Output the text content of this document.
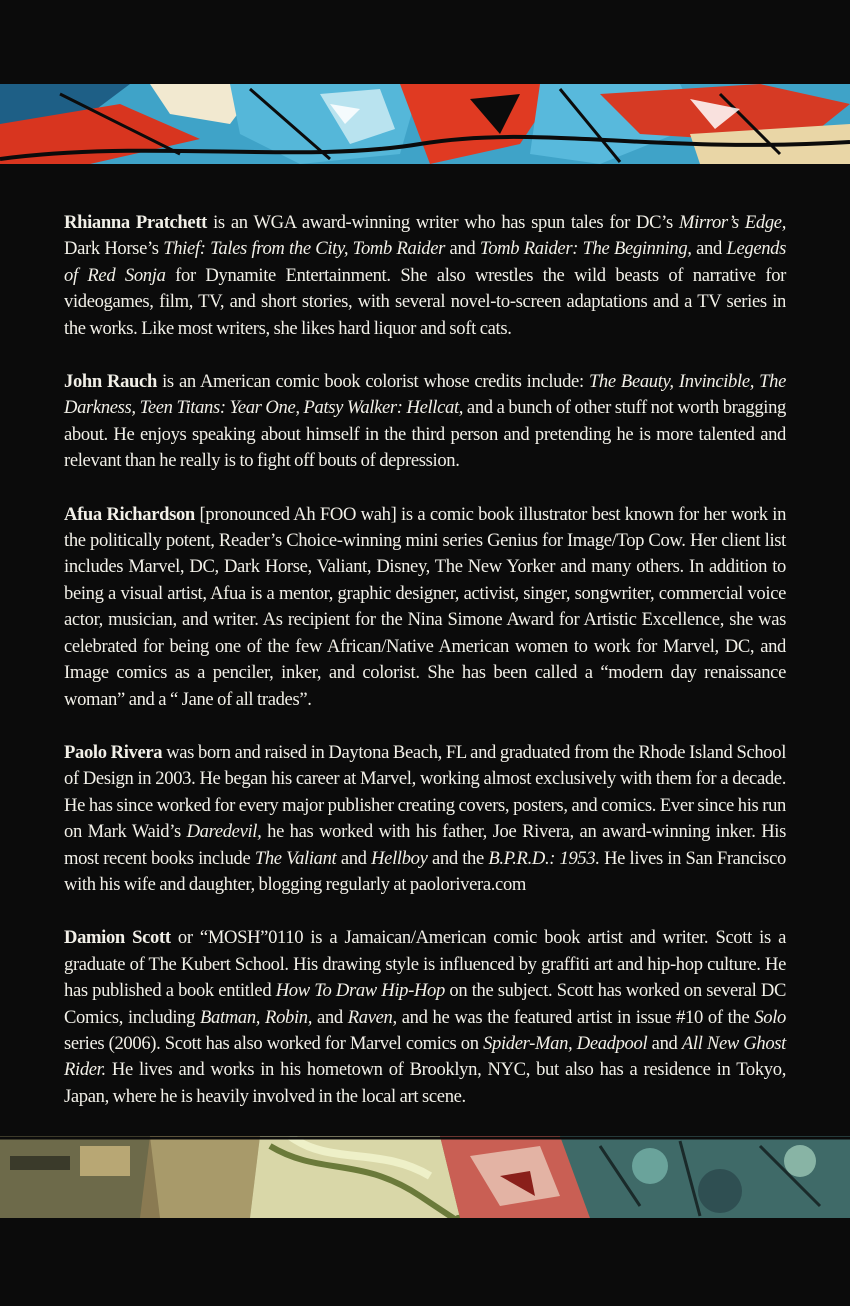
Rhianna Pratchett is an WGA award-winning writer who has spun tales for DC’s Mirror’s Edge, Dark Horse’s Thief: Tales from the City, Tomb Raider and Tomb Raider: The Beginning, and Legends of Red Sonja for Dynamite Entertainment. She also wrestles the wild beasts of narrative for videogames, film, TV, and short stories, with several novel-to-screen adaptations and a TV series in the works. Like most writers, she likes hard liquor and soft cats.

John Rauch is an American comic book colorist whose credits include: The Beauty, Invincible, The Darkness, Teen Titans: Year One, Patsy Walker: Hellcat, and a bunch of other stuff not worth bragging about. He enjoys speaking about himself in the third person and pretending he is more talented and relevant than he really is to fight off bouts of depression.

Afua Richardson [pronounced Ah FOO wah] is a comic book illustrator best known for her work in the politically potent, Reader’s Choice-winning mini series Genius for Image/Top Cow. Her client list includes Marvel, DC, Dark Horse, Valiant, Disney, The New Yorker and many others. In addition to being a visual artist, Afua is a mentor, graphic designer, activist, singer, songwriter, commercial voice actor, musician, and writer. As recipient for the Nina Simone Award for Artistic Excellence, she was celebrated for being one of the few African/Native American women to work for Marvel, DC, and Image comics as a penciler, inker, and colorist. She has been called a “modern day renaissance woman” and a “ Jane of all trades”.

Paolo Rivera was born and raised in Daytona Beach, FL and graduated from the Rhode Island School of Design in 2003. He began his career at Marvel, working almost exclusively with them for a decade. He has since worked for every major publisher creating covers, posters, and comics. Ever since his run on Mark Waid’s Daredevil, he has worked with his father, Joe Rivera, an award-winning inker. His most recent books include The Valiant and Hellboy and the B.P.R.D.: 1953. He lives in San Francisco with his wife and daughter, blogging regularly at paolorivera.com

Damion Scott or “MOSH”0110 is a Jamaican/American comic book artist and writer. Scott is a graduate of The Kubert School. His drawing style is influenced by graffiti art and hip-hop culture. He has published a book entitled How To Draw Hip-Hop on the subject. Scott has worked on several DC Comics, including Batman, Robin, and Raven, and he was the featured artist in issue #10 of the Solo series (2006). Scott has also worked for Marvel comics on Spider-Man, Deadpool and All New Ghost Rider. He lives and works in his hometown of Brooklyn, NYC, but also has a residence in Tokyo, Japan, where he is heavily involved in the local art scene.
